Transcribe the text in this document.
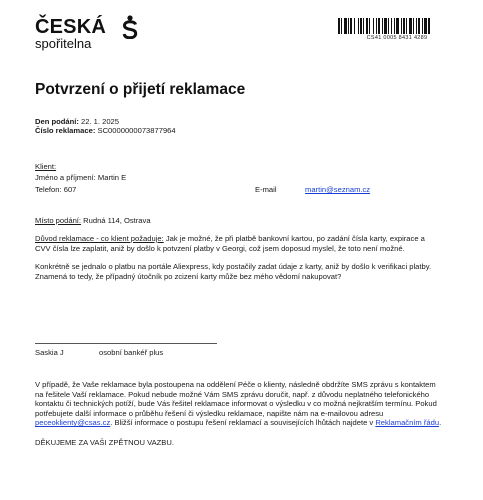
ČESKÁ
spořitelna	CS41 0005 8431 4289
Potvrzení o přijetí reklamace
Den podání: 22. 1. 2025
Číslo reklamace: SC0000000073877964
Klient:
Jméno a příjmení: Martin E
Telefon: 607	E-mail	martin@seznam.cz
Místo podání: Rudná 114, Ostrava
Důvod reklamace - co klient požaduje: Jak je možné, že při platbě bankovní kartou, po zadání čísla karty, expirace a
CVV čísla lze zaplatit, aniž by došlo k potvzení platby v Georgi, což jsem doposud myslel, že toto není možné.
Konkrétně se jednalo o platbu na portále Aliexpress, kdy postačily zadat údaje z karty, aniž by došlo k verifikaci platby.
Znamená to tedy, že případný útočník po zcizení karty může bez mého vědomí nakupovat?
Saskia J	osobní bankéř plus
V případě, že Vaše reklamace byla postoupena na oddělení Péče o klienty, následně obdržíte SMS zprávu s kontaktem
na řešitele Vaší reklamace. Pokud nebude možné Vám SMS zprávu doručit, např. z důvodu neplatného telefonického
kontaktu či technických potíží, bude Vás řešitel reklamace informovat o výsledku v co možná nejkratším termínu. Pokud
potřebujete další informace o průběhu řešení či výsledku reklamace, napište nám na e-mailovou adresu
peceoklienty@csas.cz. Bližší informace o postupu řešení reklamací a souvisejících lhůtách najdete v Reklamačním řádu.
DĚKUJEME ZA VAŠI ZPĚTNOU VAZBU.
